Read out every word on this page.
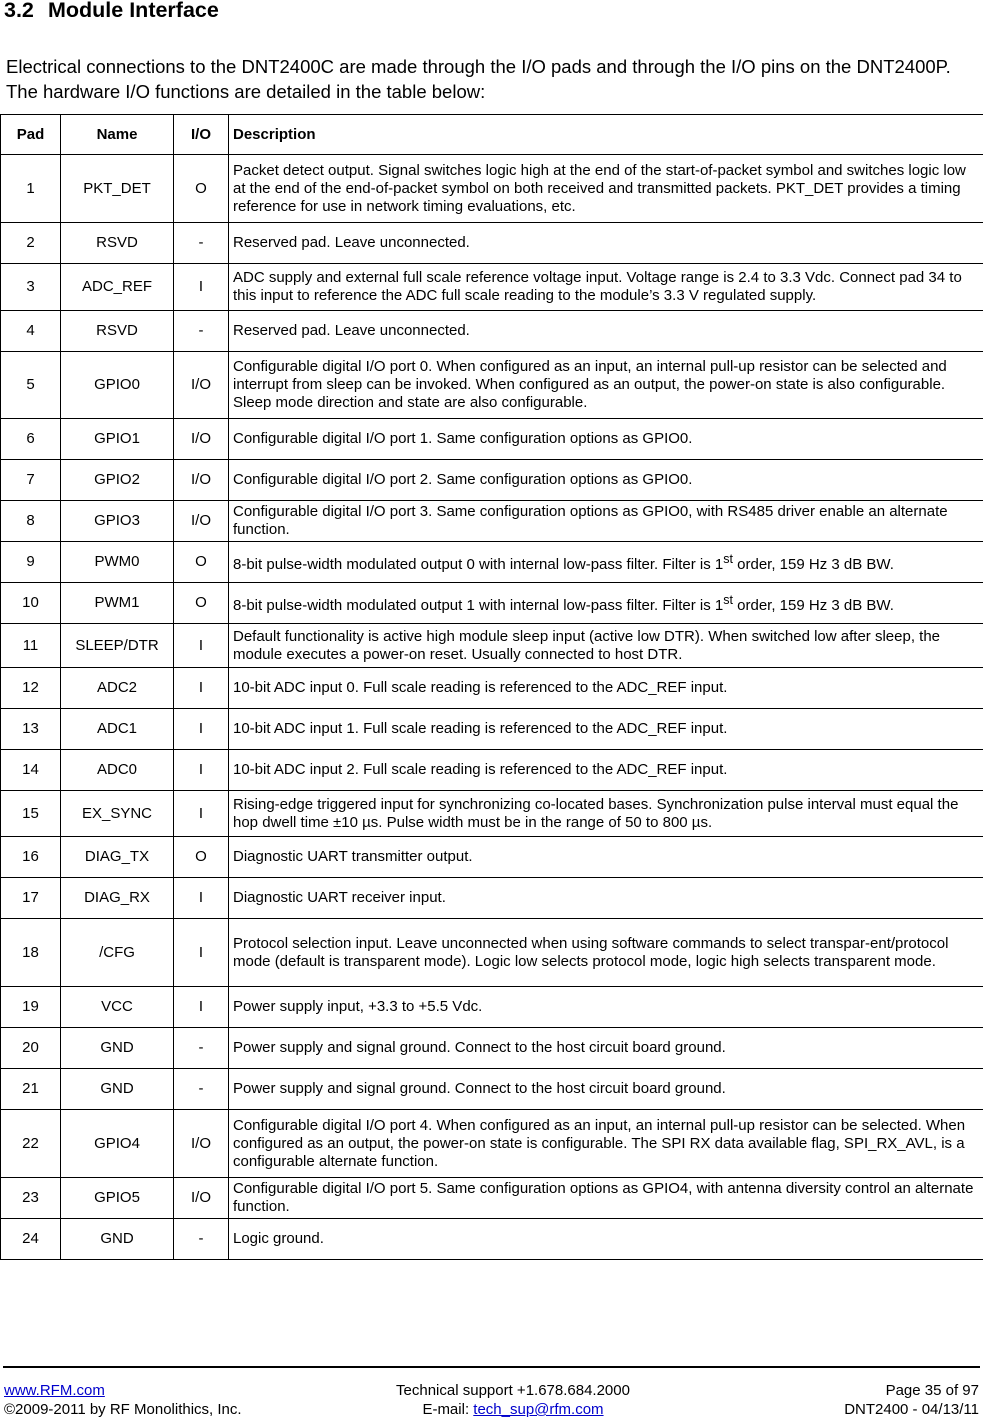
3.2 Module Interface
Electrical connections to the DNT2400C are made through the I/O pads and through the I/O pins on the DNT2400P. The hardware I/O functions are detailed in the table below:
Pad	Name	I/O	Description
1	PKT_DET	O	Packet detect output. Signal switches logic high at the end of the start-of-packet symbol and switches logic low at the end of the end-of-packet symbol on both received and transmitted packets. PKT_DET provides a timing reference for use in network timing evaluations, etc.
2	RSVD	-	Reserved pad. Leave unconnected.
3	ADC_REF	I	ADC supply and external full scale reference voltage input. Voltage range is 2.4 to 3.3 Vdc. Connect pad 34 to this input to reference the ADC full scale reading to the module’s 3.3 V regulated supply.
4	RSVD	-	Reserved pad. Leave unconnected.
5	GPIO0	I/O	Configurable digital I/O port 0. When configured as an input, an internal pull-up resistor can be selected and interrupt from sleep can be invoked. When configured as an output, the power-on state is also configurable. Sleep mode direction and state are also configurable.
6	GPIO1	I/O	Configurable digital I/O port 1. Same configuration options as GPIO0.
7	GPIO2	I/O	Configurable digital I/O port 2. Same configuration options as GPIO0.
8	GPIO3	I/O	Configurable digital I/O port 3. Same configuration options as GPIO0, with RS485 driver enable an alternate function.
9	PWM0	O	8-bit pulse-width modulated output 0 with internal low-pass filter. Filter is 1st order, 159 Hz 3 dB BW.
10	PWM1	O	8-bit pulse-width modulated output 1 with internal low-pass filter. Filter is 1st order, 159 Hz 3 dB BW.
11	SLEEP/DTR	I	Default functionality is active high module sleep input (active low DTR). When switched low after sleep, the module executes a power-on reset. Usually connected to host DTR.
12	ADC2	I	10-bit ADC input 0. Full scale reading is referenced to the ADC_REF input.
13	ADC1	I	10-bit ADC input 1. Full scale reading is referenced to the ADC_REF input.
14	ADC0	I	10-bit ADC input 2. Full scale reading is referenced to the ADC_REF input.
15	EX_SYNC	I	Rising-edge triggered input for synchronizing co-located bases. Synchronization pulse interval must equal the hop dwell time ±10 µs. Pulse width must be in the range of 50 to 800 µs.
16	DIAG_TX	O	Diagnostic UART transmitter output.
17	DIAG_RX	I	Diagnostic UART receiver input.
18	/CFG	I	Protocol selection input. Leave unconnected when using software commands to select transpar-ent/protocol mode (default is transparent mode). Logic low selects protocol mode, logic high selects transparent mode.
19	VCC	I	Power supply input, +3.3 to +5.5 Vdc.
20	GND	-	Power supply and signal ground. Connect to the host circuit board ground.
21	GND	-	Power supply and signal ground. Connect to the host circuit board ground.
22	GPIO4	I/O	Configurable digital I/O port 4. When configured as an input, an internal pull-up resistor can be selected. When configured as an output, the power-on state is configurable. The SPI RX data available flag, SPI_RX_AVL, is a configurable alternate function.
23	GPIO5	I/O	Configurable digital I/O port 5. Same configuration options as GPIO4, with antenna diversity control an alternate function.
24	GND	-	Logic ground.
www.RFM.com
©2009-2011 by RF Monolithics, Inc.
Technical support +1.678.684.2000
E-mail: tech_sup@rfm.com
Page 35 of 97
DNT2400 - 04/13/11
